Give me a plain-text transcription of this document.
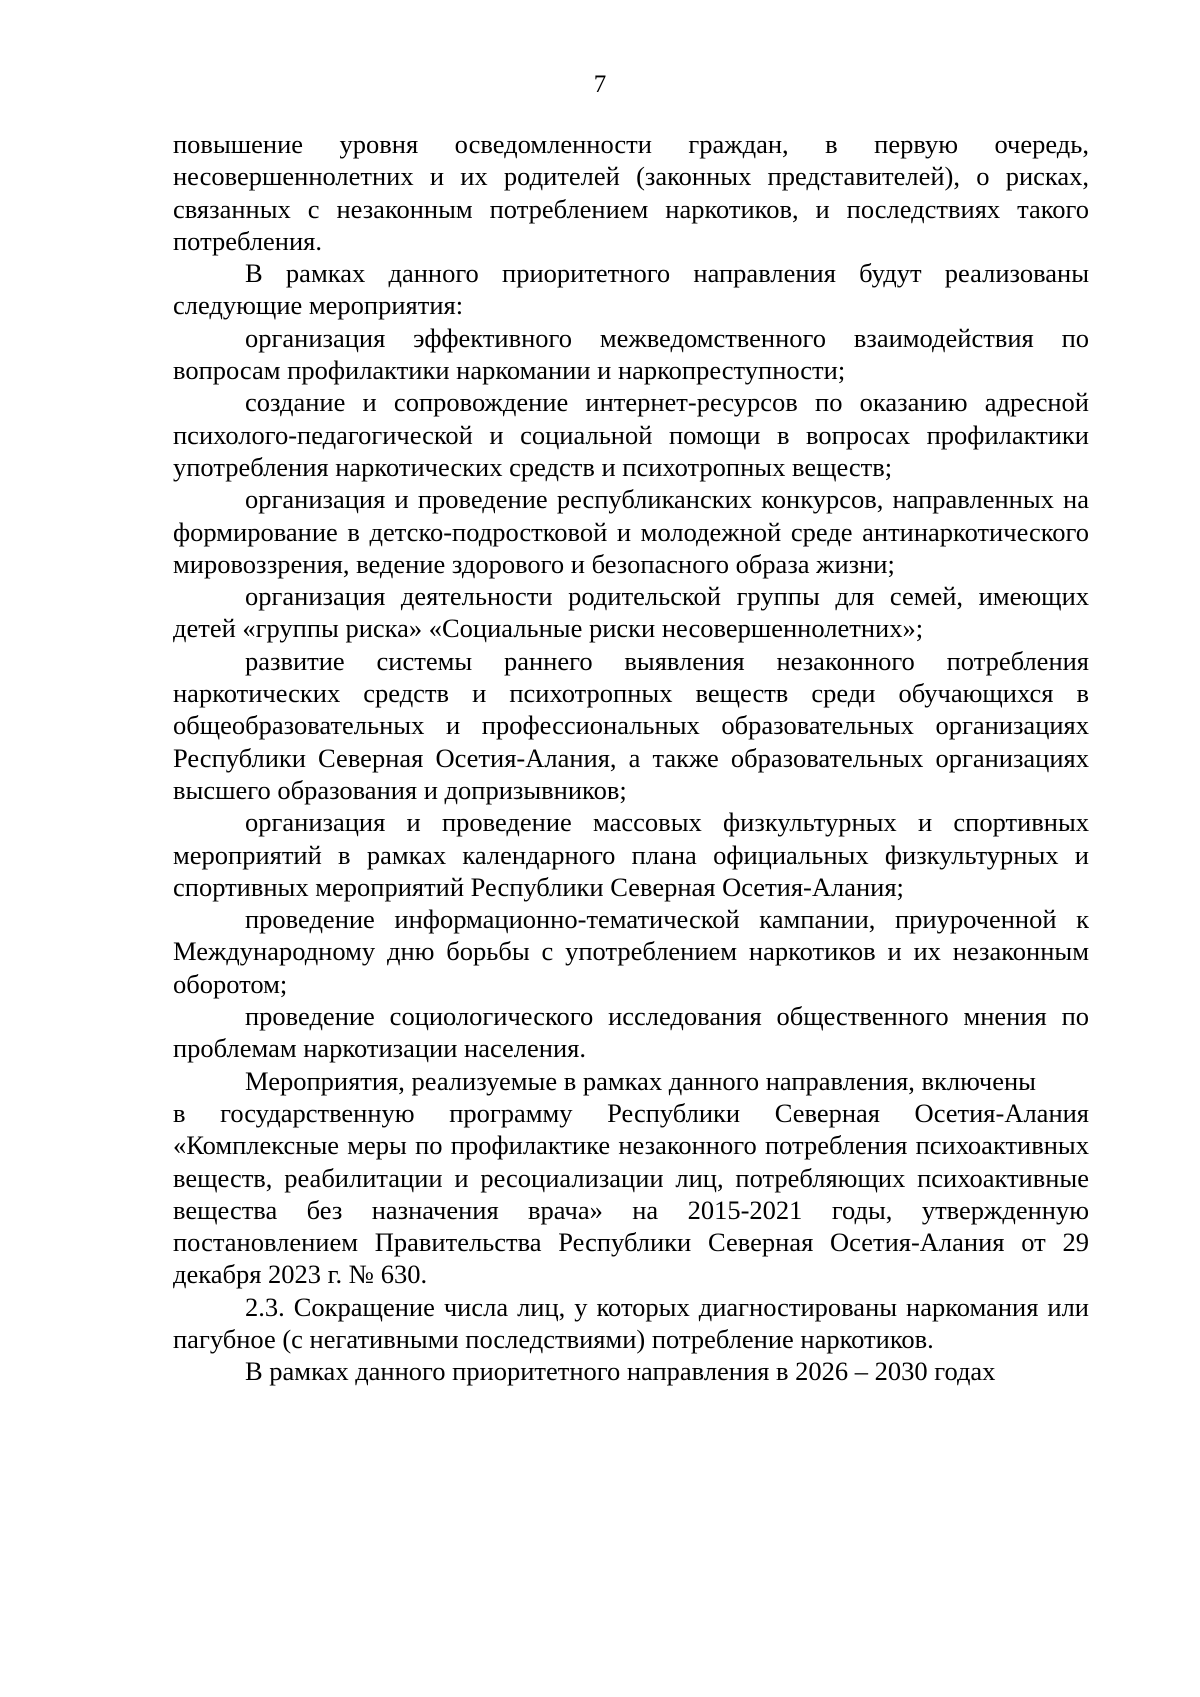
7

повышение уровня осведомленности граждан, в первую очередь, несовершеннолетних и их родителей (законных представителей), о рисках, связанных с незаконным потреблением наркотиков, и последствиях такого потребления.

В рамках данного приоритетного направления будут реализованы следующие мероприятия:

организация эффективного межведомственного взаимодействия по вопросам профилактики наркомании и наркопреступности;

создание и сопровождение интернет-ресурсов по оказанию адресной психолого-педагогической и социальной помощи в вопросах профилактики употребления наркотических средств и психотропных веществ;

организация и проведение республиканских конкурсов, направленных на формирование в детско-подростковой и молодежной среде антинаркотического мировоззрения, ведение здорового и безопасного образа жизни;

организация деятельности родительской группы для семей, имеющих детей «группы риска» «Социальные риски несовершеннолетних»;

развитие системы раннего выявления незаконного потребления наркотических средств и психотропных веществ среди обучающихся в общеобразовательных и профессиональных образовательных организациях Республики Северная Осетия-Алания, а также образовательных организациях высшего образования и допризывников;

организация и проведение массовых физкультурных и спортивных мероприятий в рамках календарного плана официальных физкультурных и спортивных мероприятий Республики Северная Осетия-Алания;

проведение информационно-тематической кампании, приуроченной к Международному дню борьбы с употреблением наркотиков и их незаконным оборотом;

проведение социологического исследования общественного мнения по проблемам наркотизации населения.

Мероприятия, реализуемые в рамках данного направления, включены

в государственную программу Республики Северная Осетия-Алания «Комплексные меры по профилактике незаконного потребления психоактивных веществ, реабилитации и ресоциализации лиц, потребляющих психоактивные вещества без назначения врача» на 2015-2021 годы, утвержденную постановлением Правительства Республики Северная Осетия-Алания от 29 декабря 2023 г. № 630.

2.3. Сокращение числа лиц, у которых диагностированы наркомания или пагубное (с негативными последствиями) потребление наркотиков.

В рамках данного приоритетного направления в 2026 – 2030 годах
